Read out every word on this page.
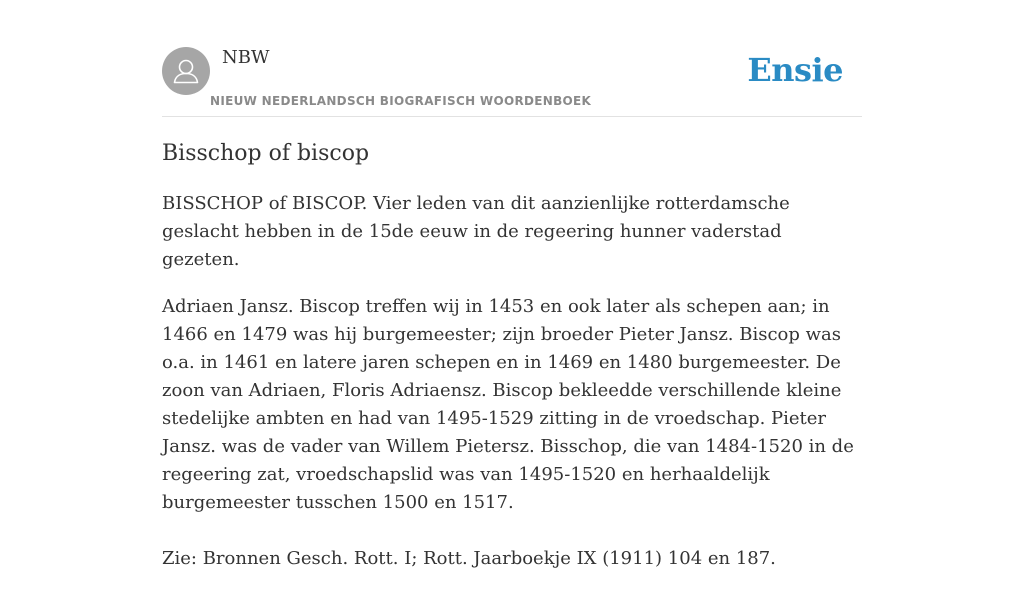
NBW
NIEUW NEDERLANDSCH BIOGRAFISCH WOORDENBOEK
Ensie
Bisschop of biscop

BISSCHOP of BISCOP. Vier leden van dit aanzienlijke rotterdamsche geslacht hebben in de 15de eeuw in de regeering hunner vaderstad gezeten.

Adriaen Jansz. Biscop treffen wij in 1453 en ook later als schepen aan; in 1466 en 1479 was hij burgemeester; zijn broeder Pieter Jansz. Biscop was o.a. in 1461 en latere jaren schepen en in 1469 en 1480 burgemeester. De zoon van Adriaen, Floris Adriaensz. Biscop bekleedde verschillende kleine stedelijke ambten en had van 1495-1529 zitting in de vroedschap. Pieter Jansz. was de vader van Willem Pietersz. Bisschop, die van 1484-1520 in de regeering zat, vroedschapslid was van 1495-1520 en herhaaldelijk burgemeester tusschen 1500 en 1517.

Zie: Bronnen Gesch. Rott. I; Rott. Jaarboekje IX (1911) 104 en 187.
